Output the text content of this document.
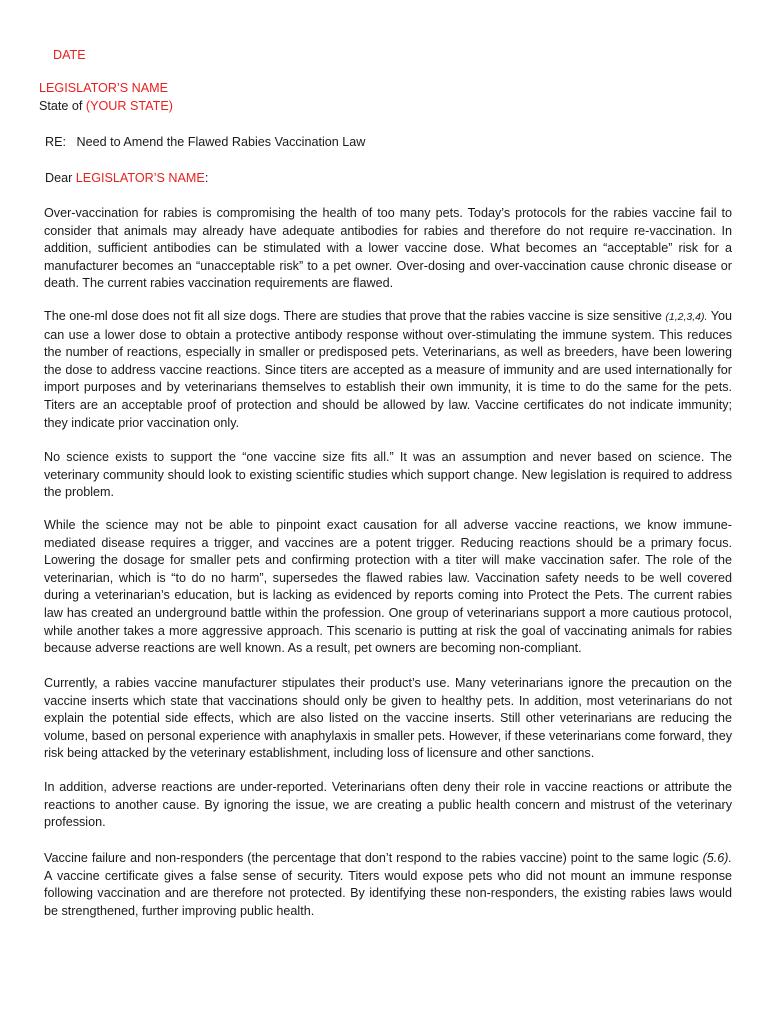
DATE
LEGISLATOR’S NAME
State of (YOUR STATE)
RE:   Need to Amend the Flawed Rabies Vaccination Law
Dear LEGISLATOR’S NAME:

Over-vaccination for rabies is compromising the health of too many pets. Today’s protocols for the rabies vaccine fail to consider that animals may already have adequate antibodies for rabies and therefore do not require re-vaccination. In addition, sufficient antibodies can be stimulated with a lower vaccine dose. What becomes an “acceptable” risk for a manufacturer becomes an “unacceptable risk” to a pet owner. Over-dosing and over-vaccination cause chronic disease or death. The current rabies vaccination requirements are flawed.

The one-ml dose does not fit all size dogs. There are studies that prove that the rabies vaccine is size sensitive (1,2,3,4). You can use a lower dose to obtain a protective antibody response without over-stimulating the immune system. This reduces the number of reactions, especially in smaller or predisposed pets. Veterinarians, as well as breeders, have been lowering the dose to address vaccine reactions. Since titers are accepted as a measure of immunity and are used internationally for import purposes and by veterinarians themselves to establish their own immunity, it is time to do the same for the pets. Titers are an acceptable proof of protection and should be allowed by law. Vaccine certificates do not indicate immunity; they indicate prior vaccination only.

No science exists to support the “one vaccine size fits all.” It was an assumption and never based on science. The veterinary community should look to existing scientific studies which support change. New legislation is required to address the problem.

While the science may not be able to pinpoint exact causation for all adverse vaccine reactions, we know immune-mediated disease requires a trigger, and vaccines are a potent trigger. Reducing reactions should be a primary focus. Lowering the dosage for smaller pets and confirming protection with a titer will make vaccination safer. The role of the veterinarian, which is “to do no harm”, supersedes the flawed rabies law. Vaccination safety needs to be well covered during a veterinarian’s education, but is lacking as evidenced by reports coming into Protect the Pets. The current rabies law has created an underground battle within the profession. One group of veterinarians support a more cautious protocol, while another takes a more aggressive approach. This scenario is putting at risk the goal of vaccinating animals for rabies because adverse reactions are well known. As a result, pet owners are becoming non-compliant.

Currently, a rabies vaccine manufacturer stipulates their product’s use. Many veterinarians ignore the precaution on the vaccine inserts which state that vaccinations should only be given to healthy pets. In addition, most veterinarians do not explain the potential side effects, which are also listed on the vaccine inserts. Still other veterinarians are reducing the volume, based on personal experience with anaphylaxis in smaller pets. However, if these veterinarians come forward, they risk being attacked by the veterinary establishment, including loss of licensure and other sanctions.

In addition, adverse reactions are under-reported. Veterinarians often deny their role in vaccine reactions or attribute the reactions to another cause. By ignoring the issue, we are creating a public health concern and mistrust of the veterinary profession.

Vaccine failure and non-responders (the percentage that don’t respond to the rabies vaccine) point to the same logic (5.6). A vaccine certificate gives a false sense of security. Titers would expose pets who did not mount an immune response following vaccination and are therefore not protected. By identifying these non-responders, the existing rabies laws would be strengthened, further improving public health.
